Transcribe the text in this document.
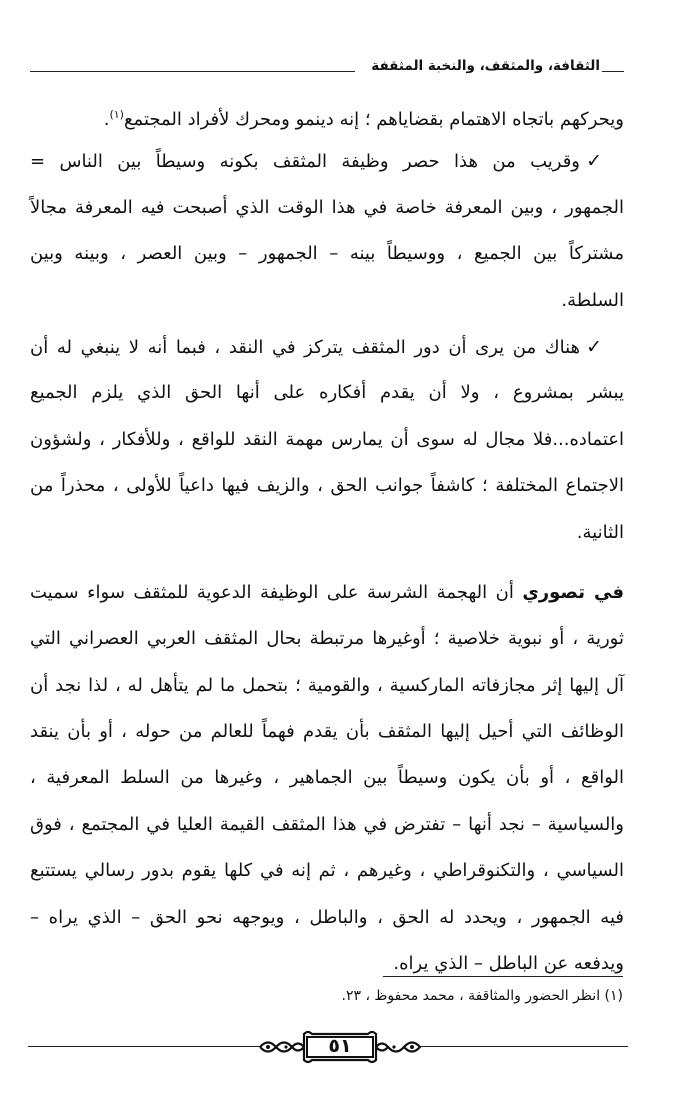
الثقافة، والمثقف، والنخبة المثقفة
ويحركهم باتجاه الاهتمام بقضاياهم ؛ إنه دينمو ومحرك لأفراد المجتمع$^{(١)}$.
✓وقريب من هذا حصر وظيفة المثقف بكونه وسيطاً بين الناس =
الجمهور ، وبين المعرفة خاصة في هذا الوقت الذي أصبحت فيه المعرفة مجالاً
مشتركاً بين الجميع ، ووسيطاً بينه – الجمهور – وبين العصر ، وبينه وبين
السلطة.
✓هناك من يرى أن دور المثقف يتركز في النقد ، فبما أنه لا ينبغي له أن
يبشر بمشروع ، ولا أن يقدم أفكاره على أنها الحق الذي يلزم الجميع
اعتماده...فلا مجال له سوى أن يمارس مهمة النقد للواقع ، وللأفكار ، ولشؤون
الاجتماع المختلفة ؛ كاشفاً جوانب الحق ، والزيف فيها داعياً للأولى ، محذراً من
الثانية.
في تصوري أن الهجمة الشرسة على الوظيفة الدعوية للمثقف سواء سميت
ثورية ، أو نبوية خلاصية ؛ أوغيرها مرتبطة بحال المثقف العربي العصراني التي
آل إليها إثر مجازفاته الماركسية ، والقومية ؛ بتحمل ما لم يتأهل له ، لذا نجد أن
الوظائف التي أحيل إليها المثقف بأن يقدم فهماً للعالم من حوله ، أو بأن ينقد
الواقع ، أو بأن يكون وسيطاً بين الجماهير ، وغيرها من السلط المعرفية ،
والسياسية – نجد أنها – تفترض في هذا المثقف القيمة العليا في المجتمع ، فوق
السياسي ، والتكنوقراطي ، وغيرهم ، ثم إنه في كلها يقوم بدور رسالي يستتبع
فيه الجمهور ، ويحدد له الحق ، والباطل ، ويوجهه نحو الحق – الذي يراه –
ويدفعه عن الباطل – الذي يراه.
(١) انظر الحضور والمثاقفة ، محمد محفوظ ، ٢٣.
٥١
